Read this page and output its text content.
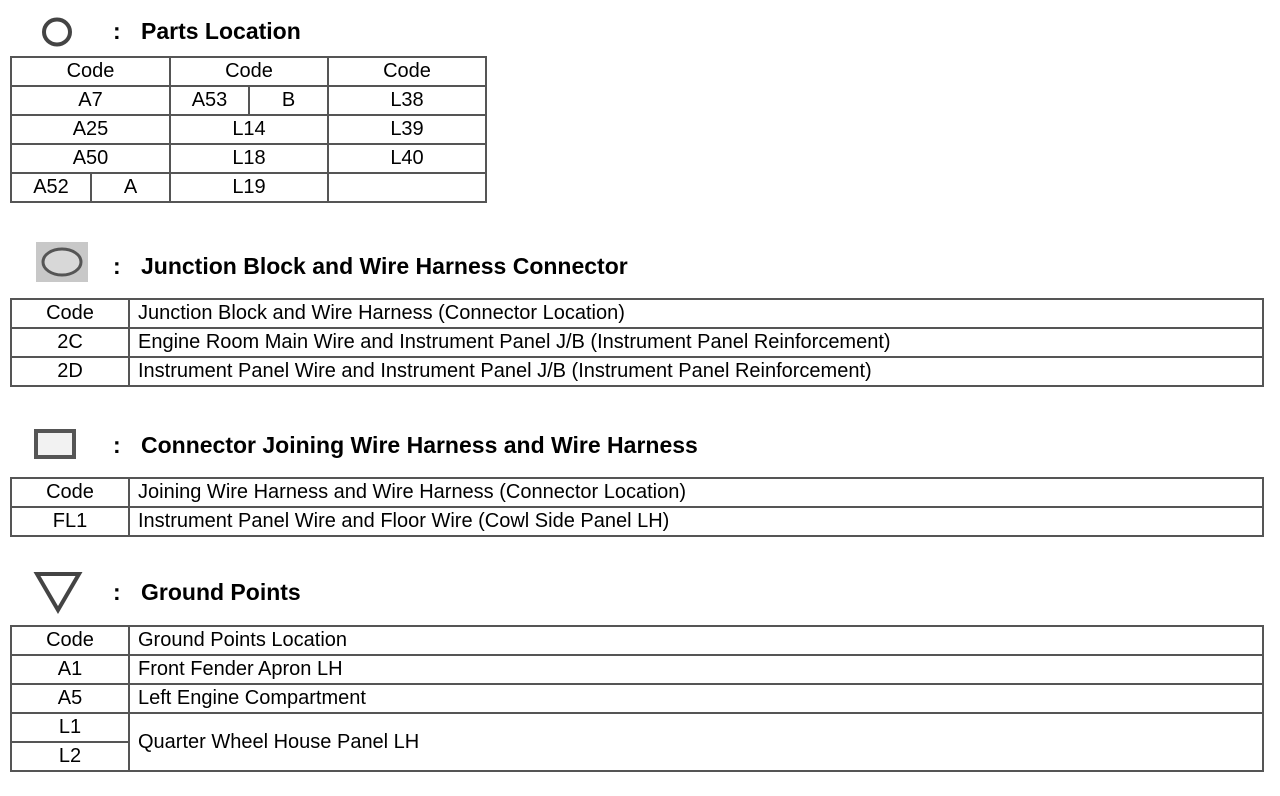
: Parts Location
Code		Code		Code
A7		A53	B	L38
A25		L14		L39
A50		L18		L40
A52	A	L19		
: Junction Block and Wire Harness Connector
Code	Junction Block and Wire Harness (Connector Location)
2C	Engine Room Main Wire and Instrument Panel J/B (Instrument Panel Reinforcement)
2D	Instrument Panel Wire and Instrument Panel J/B (Instrument Panel Reinforcement)
: Connector Joining Wire Harness and Wire Harness
Code	Joining Wire Harness and Wire Harness (Connector Location)
FL1	Instrument Panel Wire and Floor Wire (Cowl Side Panel LH)
: Ground Points
Code	Ground Points Location
A1	Front Fender Apron LH
A5	Left Engine Compartment
L1	Quarter Wheel House Panel LH
L2	
